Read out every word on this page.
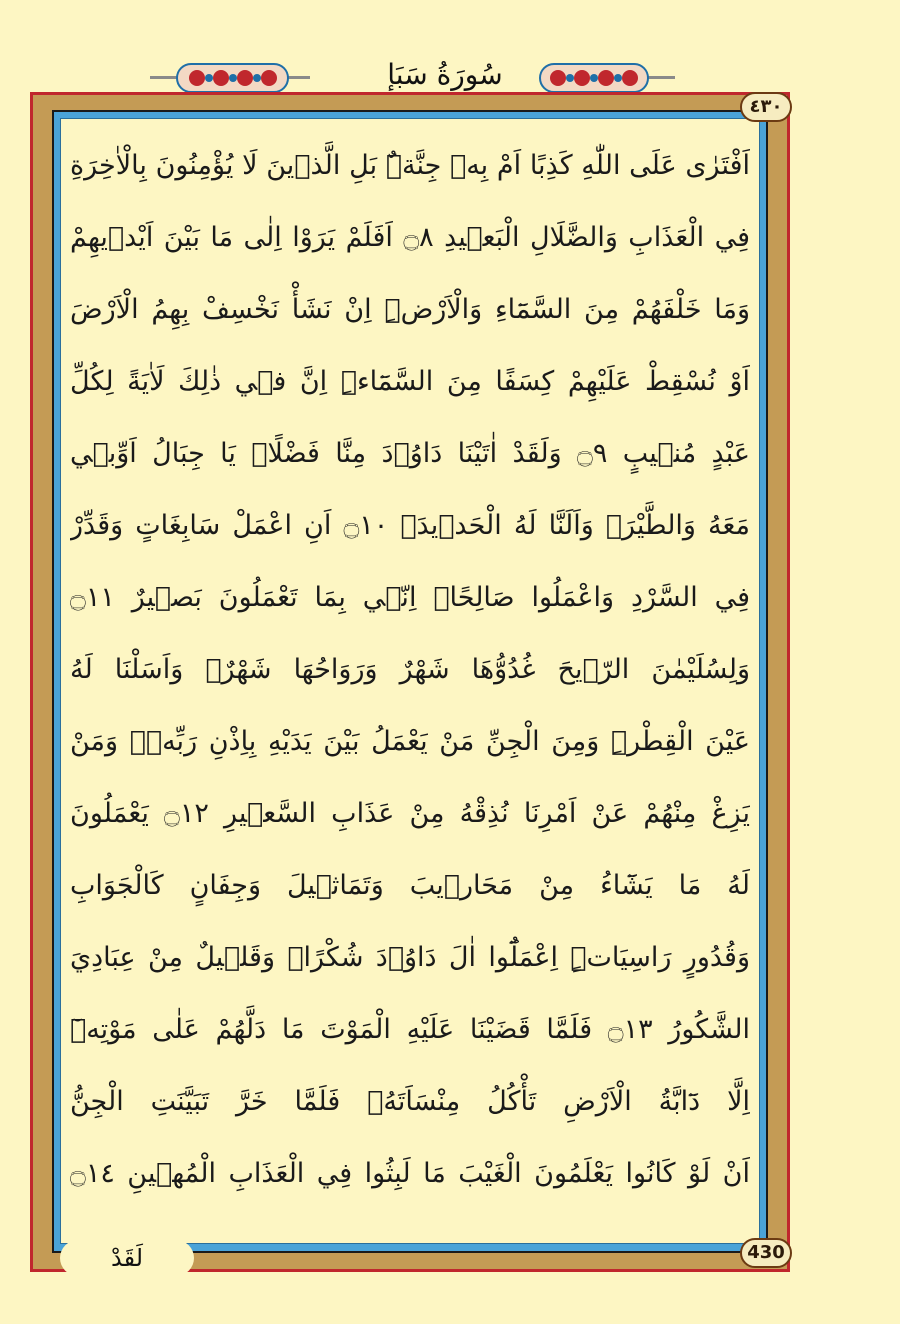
سُورَةُ سَبَإٍ
٤٣٠
430
اَفْتَرٰى عَلَى اللّٰهِ كَذِبًا اَمْ بِه۪ جِنَّةٌۜ بَلِ الَّذ۪ينَ لَا يُؤْمِنُونَ بِالْاٰخِرَةِ
فِي الْعَذَابِ وَالضَّلَالِ الْبَع۪يدِ ۝٨ اَفَلَمْ يَرَوْا اِلٰى مَا بَيْنَ اَيْد۪يهِمْ
وَمَا خَلْفَهُمْ مِنَ السَّمَٓاءِ وَالْاَرْضِۜ اِنْ نَشَأْ نَخْسِفْ بِهِمُ الْاَرْضَ
اَوْ نُسْقِطْ عَلَيْهِمْ كِسَفًا مِنَ السَّمَٓاءِۜ اِنَّ ف۪ي ذٰلِكَ لَاٰيَةً لِكُلِّ
عَبْدٍ مُن۪يبٍ ۝٩ وَلَقَدْ اٰتَيْنَا دَاوُ۫دَ مِنَّا فَضْلًاۜ يَا جِبَالُ اَوِّب۪ي
مَعَهُ وَالطَّيْرَۚ وَاَلَنَّا لَهُ الْحَد۪يدَۙ ۝١٠ اَنِ اعْمَلْ سَابِغَاتٍ وَقَدِّرْ
فِي السَّرْدِ وَاعْمَلُوا صَالِحًاۜ اِنّ۪ي بِمَا تَعْمَلُونَ بَص۪يرٌ ۝١١
وَلِسُلَيْمٰنَ الرّ۪يحَ غُدُوُّهَا شَهْرٌ وَرَوَاحُهَا شَهْرٌۚ وَاَسَلْنَا لَهُ
عَيْنَ الْقِطْرِۜ وَمِنَ الْجِنِّ مَنْ يَعْمَلُ بَيْنَ يَدَيْهِ بِاِذْنِ رَبِّه۪ۜ وَمَنْ
يَزِغْ مِنْهُمْ عَنْ اَمْرِنَا نُذِقْهُ مِنْ عَذَابِ السَّع۪يرِ ۝١٢ يَعْمَلُونَ
لَهُ مَا يَشَٓاءُ مِنْ مَحَار۪يبَ وَتَمَاث۪يلَ وَجِفَانٍ كَالْجَوَابِ
وَقُدُورٍ رَاسِيَاتٍۜ اِعْمَلُٓوا اٰلَ دَاوُ۫دَ شُكْرًاۜ وَقَل۪يلٌ مِنْ عِبَادِيَ
الشَّكُورُ ۝١٣ فَلَمَّا قَضَيْنَا عَلَيْهِ الْمَوْتَ مَا دَلَّهُمْ عَلٰى مَوْتِه۪ٓ
اِلَّا دَٓابَّةُ الْاَرْضِ تَأْكُلُ مِنْسَاَتَهُۚ فَلَمَّا خَرَّ تَبَيَّنَتِ الْجِنُّ
اَنْ لَوْ كَانُوا يَعْلَمُونَ الْغَيْبَ مَا لَبِثُوا فِي الْعَذَابِ الْمُه۪ينِ ۝١٤
لَقَدْ
